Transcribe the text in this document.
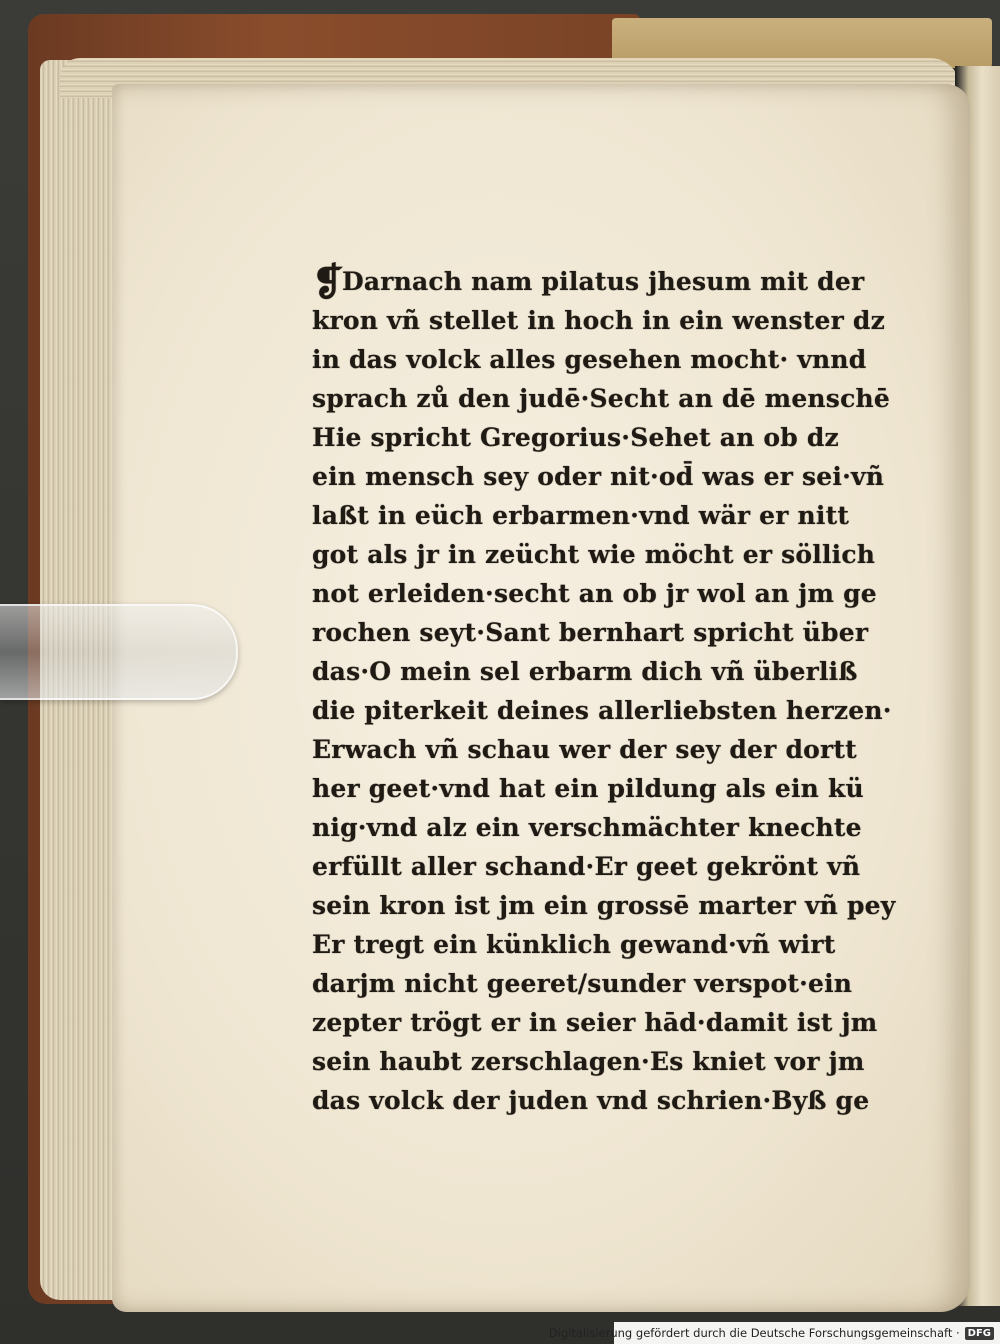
❡Darnach nam pilatus jhesum mit der
kron vñ stellet in hoch in ein wenster dz
in das volck alles gesehen mocht· vnnd
sprach zů den judē·Secht an dē menschē
Hie spricht Gregorius·Sehet an ob dz
ein mensch sey oder nit·od̄ was er sei·vñ
laßt in eüch erbarmen·vnd wär er nitt
got als jr in zeücht wie möcht er söllich
not erleiden·secht an ob jr wol an jm ge
rochen seyt·Sant bernhart spricht über
das·O mein sel erbarm dich vñ überliß
die piterkeit deines allerliebsten herzen·
Erwach vñ schau wer der sey der dortt
her geet·vnd hat ein pildung als ein kü
nig·vnd alz ein verschmächter knechte
erfüllt aller schand·Er geet gekrönt vñ
sein kron ist jm ein grossē marter vñ pey
Er tregt ein künklich gewand·vñ wirt
darjm nicht geeret/sunder verspot·ein
zepter trögt er in seier hād·damit ist jm
sein haubt zerschlagen·Es kniet vor jm
das volck der juden vnd schrien·Byß ge
Digitalisierung gefördert durch die Deutsche Forschungsgemeinschaft · DFG
